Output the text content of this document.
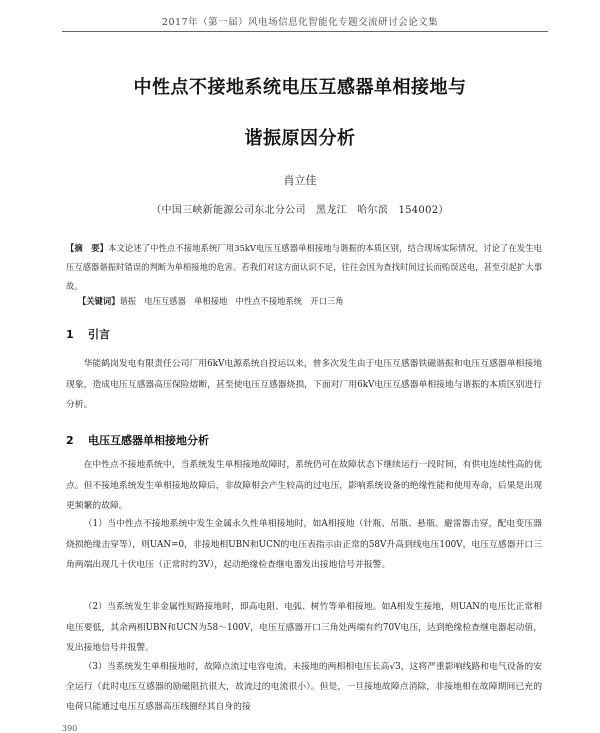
2017年（第一届）风电场信息化智能化专题交流研讨会论文集
中性点不接地系统电压互感器单相接地与
谐振原因分析
肖立佳
（中国三峡新能源公司东北分公司　黑龙江　哈尔滨　154002）
【摘　要】本文论述了中性点不接地系统厂用35kV电压互感器单相接地与谐振的本质区别，结合现场实际情况，讨论了在发生电压互感器谐振时错误的判断为单相接地的危害。若我们对这方面认识不足，往往会因为查找时间过长而贻误送电，甚至引起扩大事故。
【关键词】谐振　电压互感器　单相接地　中性点不接地系统　开口三角
1 引言
华能鹤岗发电有限责任公司厂用6kV电源系统自投运以来，曾多次发生由于电压互感器铁磁谐振和电压互感器单相接地现象，造成电压互感器高压保险熔断，甚至使电压互感器烧损，下面对厂用6kV电压互感器单相接地与谐振的本质区别进行分析。
2 电压互感器单相接地分析
在中性点不接地系统中，当系统发生单相接地故障时，系统仍可在故障状态下继续运行一段时间，有供电连续性高的优点。但不接地系统发生单相接地故障后，非故障相会产生较高的过电压，影响系统设备的绝缘性能和使用寿命，后果是出现更频繁的故障。
（1）当中性点不接地系统中发生金属永久性单相接地时，如A相接地（针瓶、吊瓶、悬瓶、避雷器击穿，配电变压器烧损绝缘击穿等），则UAN=0，非接地相UBN和UCN的电压表指示由正常的58V升高到线电压100V，电压互感器开口三角两端出现几十伏电压（正常时约3V），起动绝缘检查继电器发出接地信号并报警。
（2）当系统发生非金属性短路接地时，即高电阻、电弧、树竹等单相接地。如A相发生接地，则UAN的电压比正常相电压要低，其余两相UBN和UCN为58～100V，电压互感器开口三角处两端有约70V电压，达到绝缘检查继电器起动值，发出接地信号并报警。
（3）当系统发生单相接地时，故障点流过电容电流，未接地的两相相电压长高√3，这将严重影响线路和电气设备的安全运行（此时电压互感器的励磁阻抗很大，故流过的电流很小）。但是，一旦接地故障点消除，非接地相在故障期间已充的电荷只能通过电压互感器高压线圈经其自身的接
390
